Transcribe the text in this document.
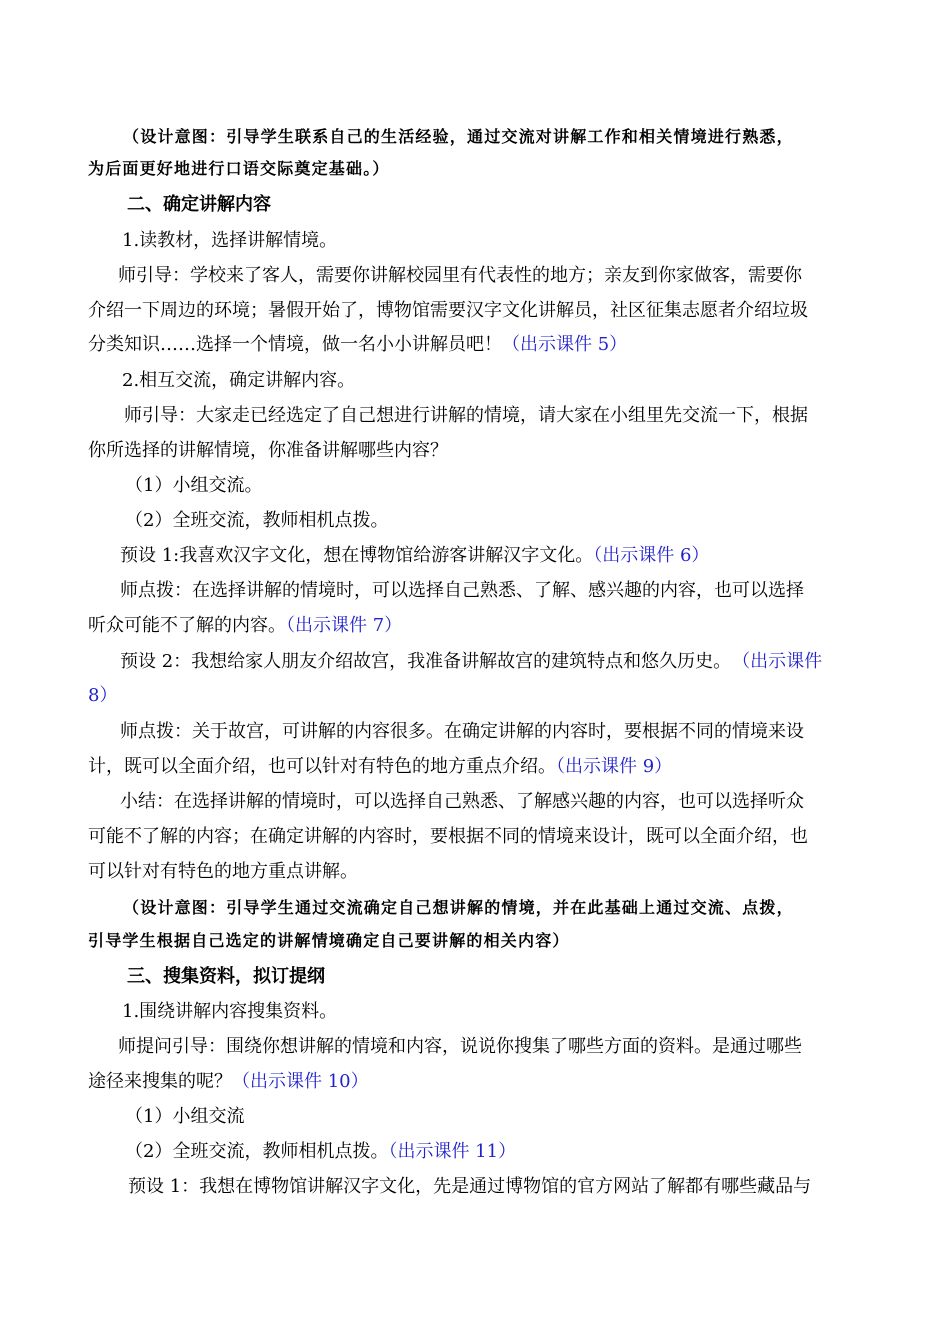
（设计意图：引导学生联系自己的生活经验，通过交流对讲解工作和相关情境进行熟悉，
为后面更好地进行口语交际奠定基础。）
二、确定讲解内容
1.读教材，选择讲解情境。
师引导：学校来了客人，需要你讲解校园里有代表性的地方；亲友到你家做客，需要你
介绍一下周边的环境；暑假开始了，博物馆需要汉字文化讲解员，社区征集志愿者介绍垃圾
分类知识……选择一个情境，做一名小小讲解员吧！（出示课件 5）
2.相互交流，确定讲解内容。
师引导：大家走已经选定了自己想进行讲解的情境，请大家在小组里先交流一下，根据
你所选择的讲解情境，你准备讲解哪些内容？
（1）小组交流。
（2）全班交流，教师相机点拨。
预设 1:我喜欢汉字文化，想在博物馆给游客讲解汉字文化。（出示课件 6）
师点拨：在选择讲解的情境时，可以选择自己熟悉、了解、感兴趣的内容，也可以选择
听众可能不了解的内容。（出示课件 7）
预设 2：我想给家人朋友介绍故宫，我准备讲解故宫的建筑特点和悠久历史。 （出示课件
8）
师点拨：关于故宫，可讲解的内容很多。在确定讲解的内容时，要根据不同的情境来设
计，既可以全面介绍，也可以针对有特色的地方重点介绍。（出示课件 9）
小结：在选择讲解的情境时，可以选择自己熟悉、了解感兴趣的内容，也可以选择听众
可能不了解的内容；在确定讲解的内容时，要根据不同的情境来设计，既可以全面介绍，也
可以针对有特色的地方重点讲解。
（设计意图：引导学生通过交流确定自己想讲解的情境，并在此基础上通过交流、点拨，
引导学生根据自己选定的讲解情境确定自己要讲解的相关内容）
三、搜集资料，拟订提纲
1.围绕讲解内容搜集资料。
师提问引导：围绕你想讲解的情境和内容，说说你搜集了哪些方面的资料。是通过哪些
途径来搜集的呢？（出示课件 10）
（1）小组交流
（2）全班交流，教师相机点拨。（出示课件 11）
预设 1：我想在博物馆讲解汉字文化，先是通过博物馆的官方网站了解都有哪些藏品与
